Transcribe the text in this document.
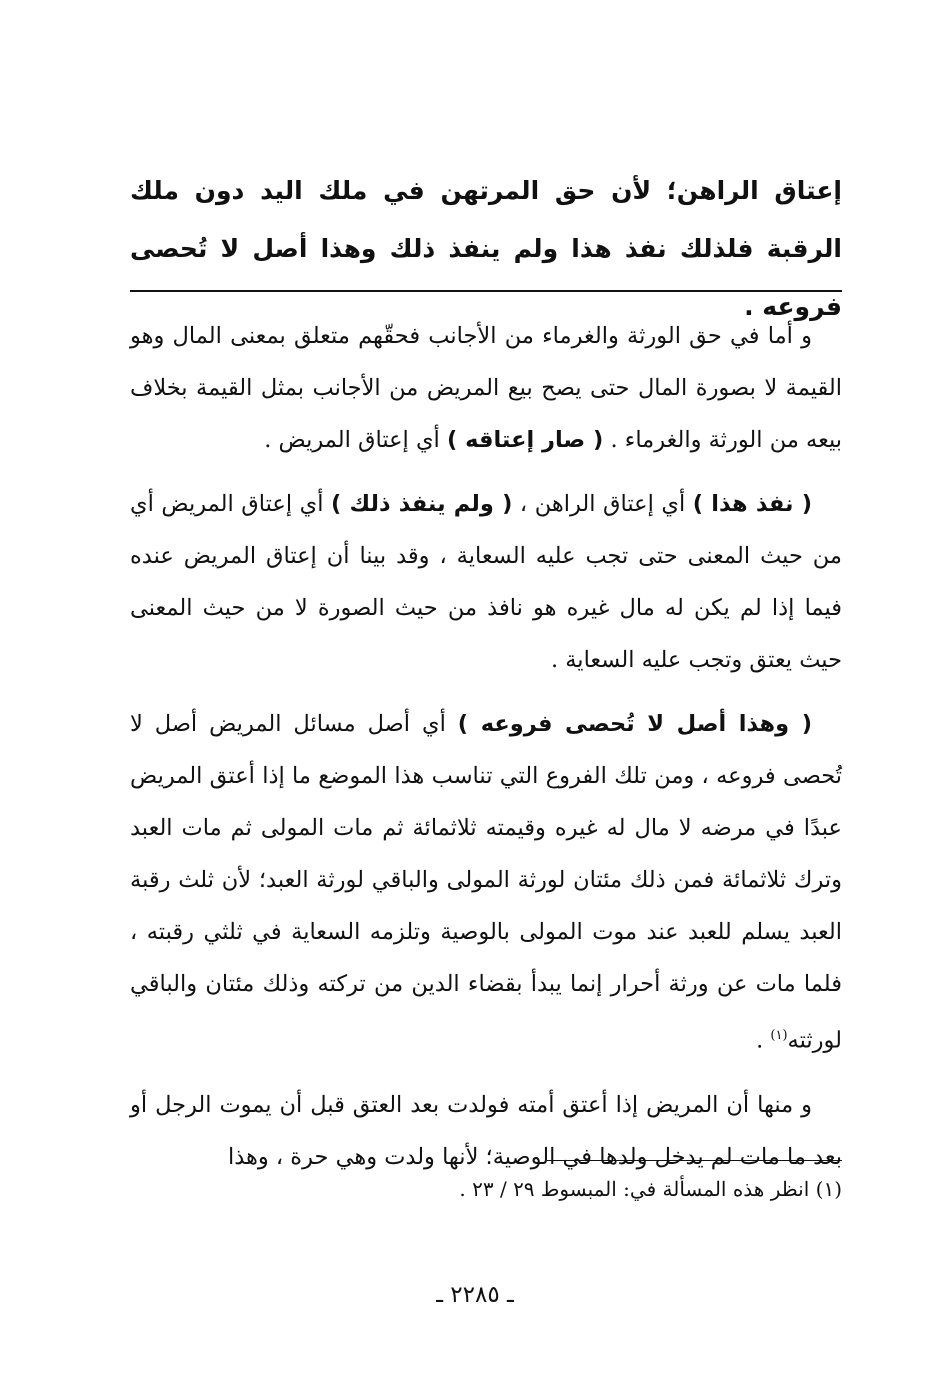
إعتاق الراهن؛ لأن حق المرتهن في ملك اليد دون ملك الرقبة فلذلك نفذ هذا ولم ينفذ ذلك وهذا أصل لا تُحصى فروعه .

و أما في حق الورثة والغرماء من الأجانب فحقّهم متعلق بمعنى المال وهو القيمة لا بصورة المال حتى يصح بيع المريض من الأجانب بمثل القيمة بخلاف بيعه من الورثة والغرماء . ( صار إعتاقه ) أي إعتاق المريض .

( نفذ هذا ) أي إعتاق الراهن ، ( ولم ينفذ ذلك ) أي إعتاق المريض أي من حيث المعنى حتى تجب عليه السعاية ، وقد بينا أن إعتاق المريض عنده فيما إذا لم يكن له مال غيره هو نافذ من حيث الصورة لا من حيث المعنى حيث يعتق وتجب عليه السعاية .

( وهذا أصل لا تُحصى فروعه ) أي أصل مسائل المريض أصل لا تُحصى فروعه ، ومن تلك الفروع التي تناسب هذا الموضع ما إذا أعتق المريض عبدًا في مرضه لا مال له غيره وقيمته ثلاثمائة ثم مات المولى ثم مات العبد وترك ثلاثمائة فمن ذلك مئتان لورثة المولى والباقي لورثة العبد؛ لأن ثلث رقبة العبد يسلم للعبد عند موت المولى بالوصية وتلزمه السعاية في ثلثي رقبته ، فلما مات عن ورثة أحرار إنما يبدأ بقضاء الدين من تركته وذلك مئتان والباقي لورثته$^{(١)}$ .

و منها أن المريض إذا أعتق أمته فولدت بعد العتق قبل أن يموت الرجل أو بعد ما مات لم يدخل ولدها في الوصية؛ لأنها ولدت وهي حرة ، وهذا

(١) انظر هذه المسألة في: المبسوط ٢٩ / ٢٣ .

ـ ٢٢٨٥ ـ
